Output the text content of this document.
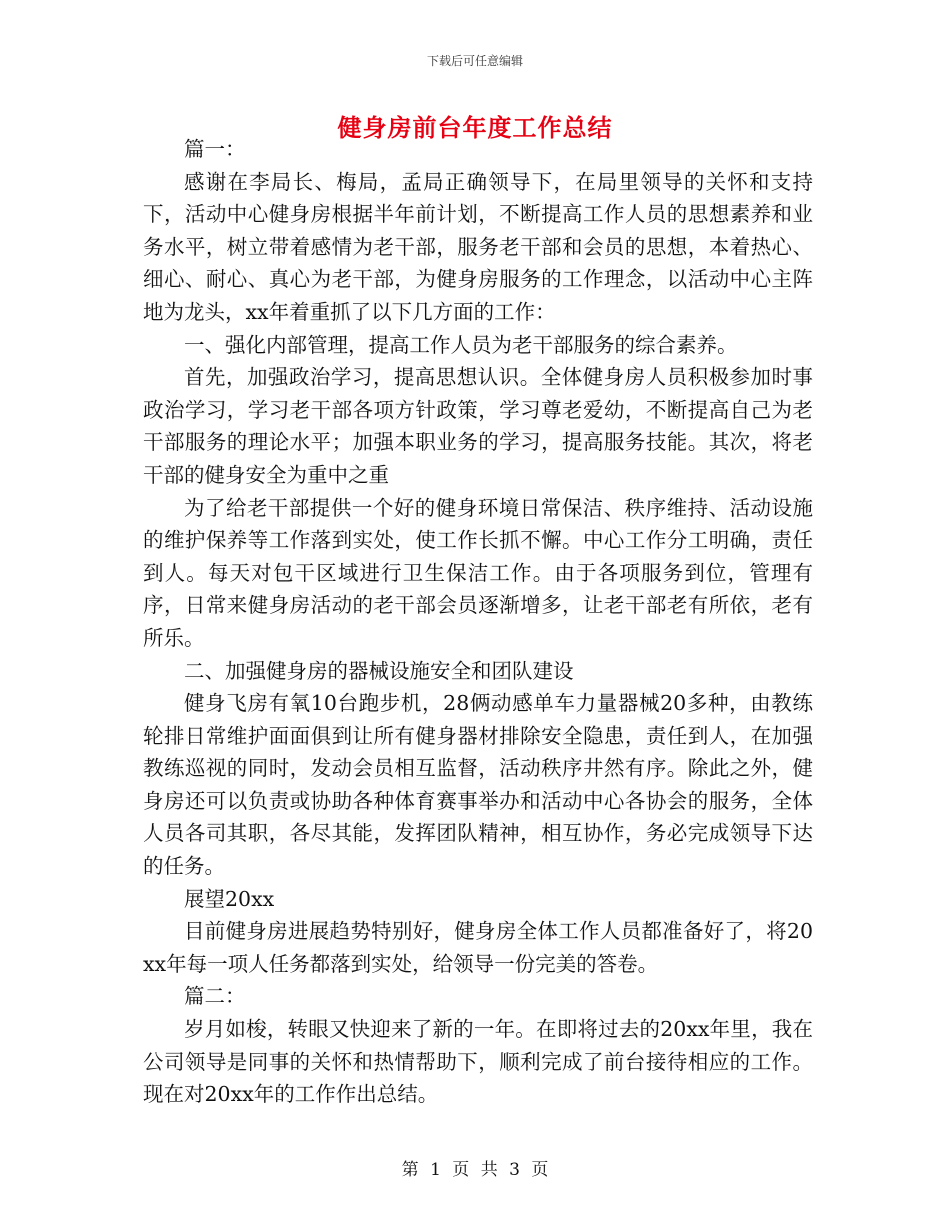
下载后可任意编辑
健身房前台年度工作总结

篇一：

感谢在李局长、梅局，孟局正确领导下，在局里领导的关怀和支持下，活动中心健身房根据半年前计划，不断提高工作人员的思想素养和业务水平，树立带着感情为老干部，服务老干部和会员的思想，本着热心、细心、耐心、真心为老干部，为健身房服务的工作理念，以活动中心主阵地为龙头，xx年着重抓了以下几方面的工作：

一、强化内部管理，提高工作人员为老干部服务的综合素养。

首先，加强政治学习，提高思想认识。全体健身房人员积极参加时事政治学习，学习老干部各项方针政策，学习尊老爱幼，不断提高自己为老干部服务的理论水平；加强本职业务的学习，提高服务技能。其次，将老干部的健身安全为重中之重

为了给老干部提供一个好的健身环境日常保洁、秩序维持、活动设施的维护保养等工作落到实处，使工作长抓不懈。中心工作分工明确，责任到人。每天对包干区域进行卫生保洁工作。由于各项服务到位，管理有序，日常来健身房活动的老干部会员逐渐增多，让老干部老有所依，老有所乐。

二、加强健身房的器械设施安全和团队建设

健身飞房有氧10台跑步机，28俩动感单车力量器械20多种，由教练轮排日常维护面面俱到让所有健身器材排除安全隐患，责任到人，在加强教练巡视的同时，发动会员相互监督，活动秩序井然有序。除此之外，健身房还可以负责或协助各种体育赛事举办和活动中心各协会的服务，全体人员各司其职，各尽其能，发挥团队精神，相互协作，务必完成领导下达的任务。

展望20xx

目前健身房进展趋势特别好，健身房全体工作人员都准备好了，将20xx年每一项人任务都落到实处，给领导一份完美的答卷。

篇二：

岁月如梭，转眼又快迎来了新的一年。在即将过去的20xx年里，我在公司领导是同事的关怀和热情帮助下，顺利完成了前台接待相应的工作。现在对20xx年的工作作出总结。

第 1 页 共 3 页
